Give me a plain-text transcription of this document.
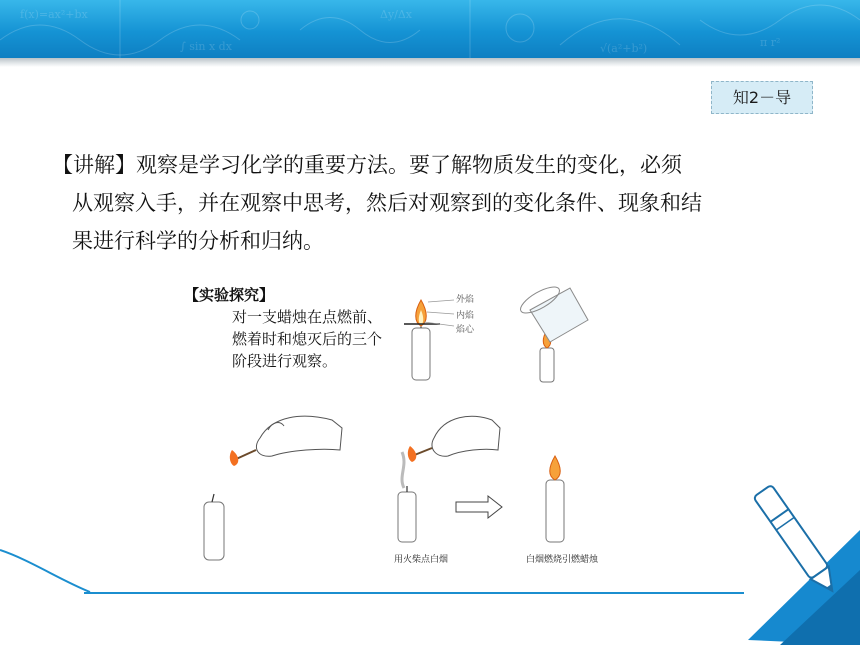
f(x)=ax²+bx
∫ sin x dx
Δy/Δx
√(a²+b²)	π r²
知2－导
【讲解】观察是学习化学的重要方法。要了解物质发生的变化，必须
从观察入手，并在观察中思考，然后对观察到的变化条件、现象和结
果进行科学的分析和归纳。
【实验探究】
对一支蜡烛在点燃前、燃着时和熄灭后的三个阶段进行观察。
外焰
内焰
焰心
用火柴点白烟	白烟燃烧引燃蜡烛
